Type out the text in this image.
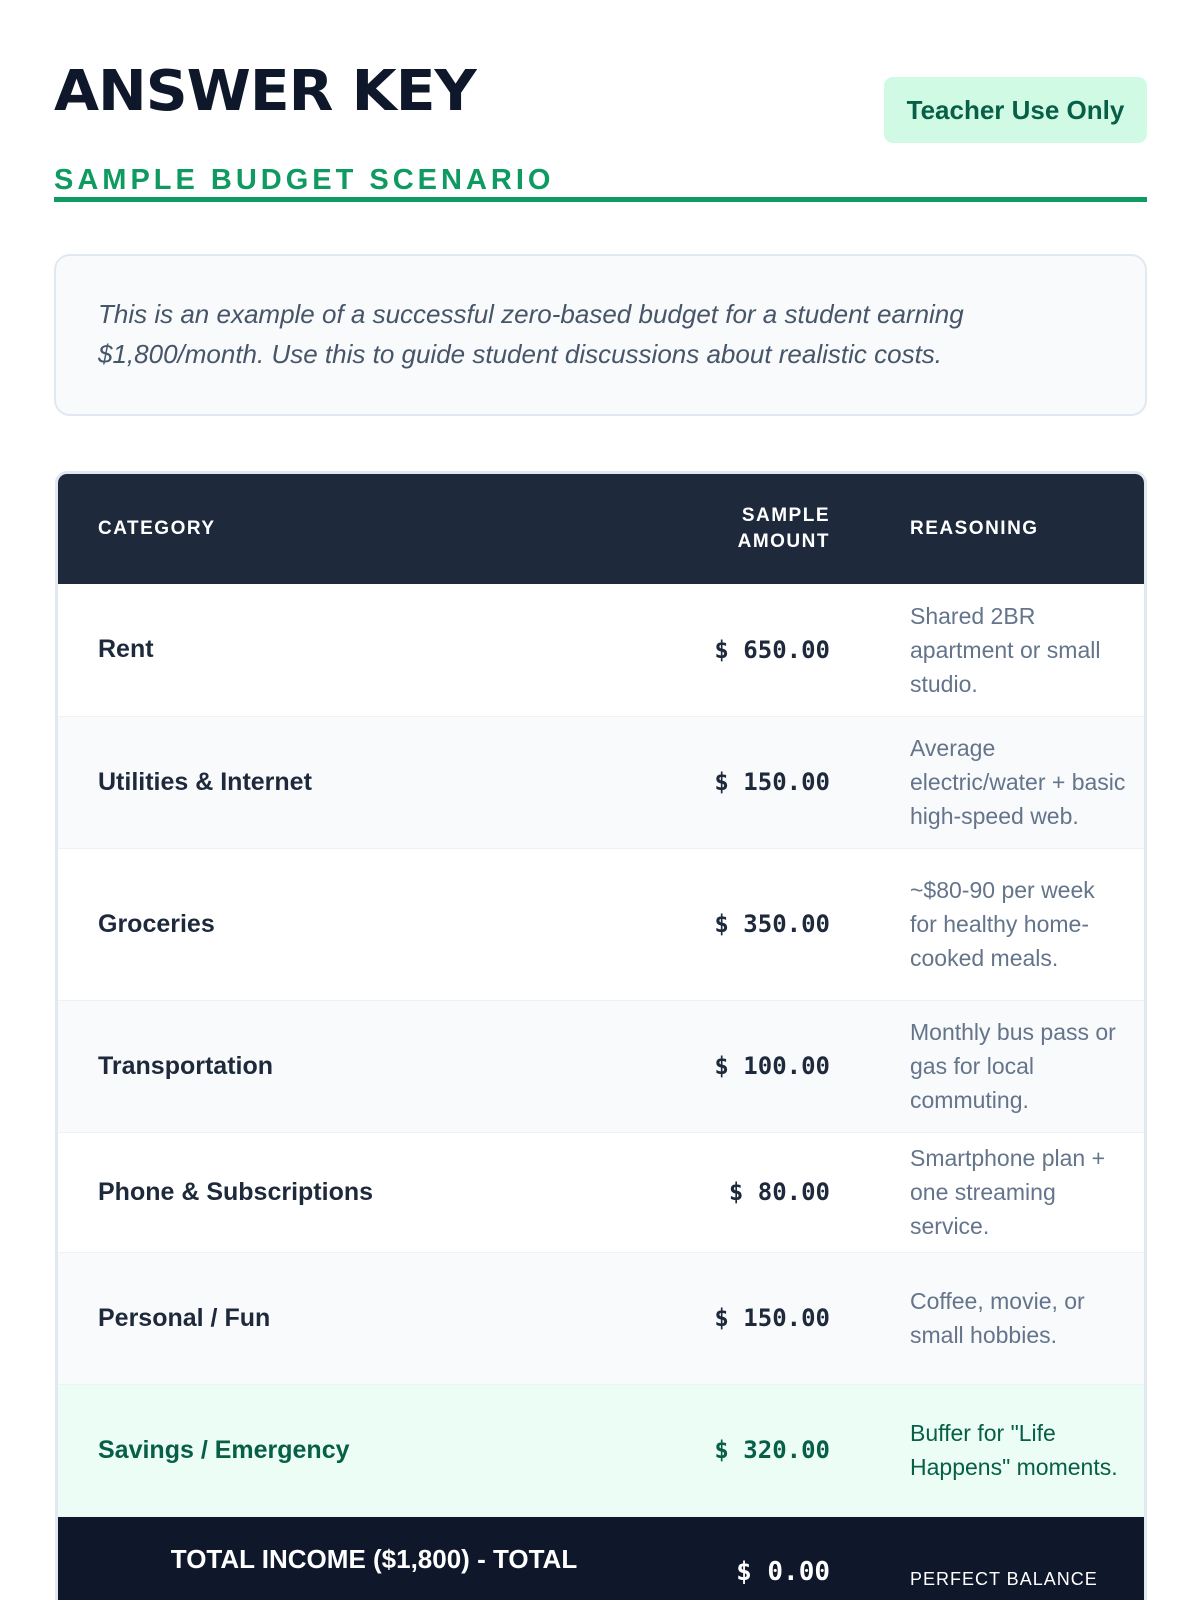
ANSWER KEY
SAMPLE BUDGET SCENARIO
Teacher Use Only

This is an example of a successful zero-based budget for a student earning $1,800/month. Use this to guide student discussions about realistic costs.

CATEGORY	SAMPLE AMOUNT	REASONING
Rent	$ 650.00	Shared 2BR apartment or small studio.
Utilities & Internet	$ 150.00	Average electric/water + basic high-speed web.
Groceries	$ 350.00	~$80-90 per week for healthy home-cooked meals.
Transportation	$ 100.00	Monthly bus pass or gas for local commuting.
Phone & Subscriptions	$ 80.00	Smartphone plan + one streaming service.
Personal / Fun	$ 150.00	Coffee, movie, or small hobbies.
Savings / Emergency	$ 320.00	Buffer for "Life Happens" moments.
TOTAL INCOME ($1,800) - TOTAL	$ 0.00	PERFECT BALANCE
